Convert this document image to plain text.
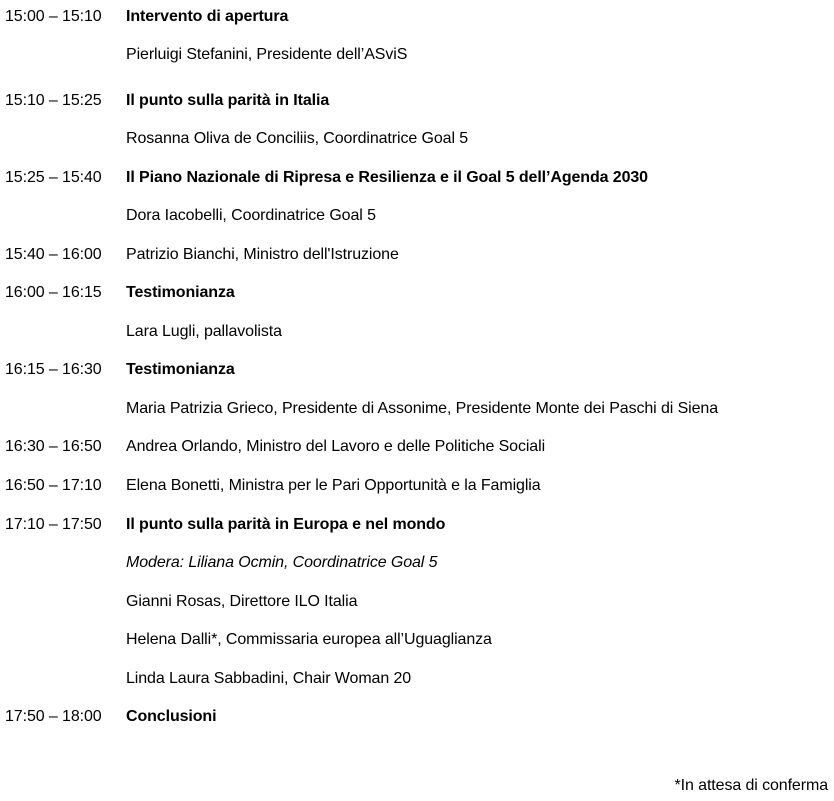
15:00 – 15:10	Intervento di apertura
Pierluigi Stefanini, Presidente dell’ASviS
15:10 – 15:25	Il punto sulla parità in Italia
Rosanna Oliva de Conciliis, Coordinatrice Goal 5
15:25 – 15:40	Il Piano Nazionale di Ripresa e Resilienza e il Goal 5 dell’Agenda 2030
Dora Iacobelli, Coordinatrice Goal 5
15:40 – 16:00	Patrizio Bianchi, Ministro dell'Istruzione
16:00 – 16:15	Testimonianza
Lara Lugli, pallavolista
16:15 – 16:30	Testimonianza
Maria Patrizia Grieco, Presidente di Assonime, Presidente Monte dei Paschi di Siena
16:30 – 16:50	Andrea Orlando, Ministro del Lavoro e delle Politiche Sociali
16:50 – 17:10	Elena Bonetti, Ministra per le Pari Opportunità e la Famiglia
17:10 – 17:50	Il punto sulla parità in Europa e nel mondo
Modera: Liliana Ocmin, Coordinatrice Goal 5
Gianni Rosas, Direttore ILO Italia
Helena Dalli*, Commissaria europea all’Uguaglianza
Linda Laura Sabbadini, Chair Woman 20
17:50 – 18:00	Conclusioni
*In attesa di conferma
